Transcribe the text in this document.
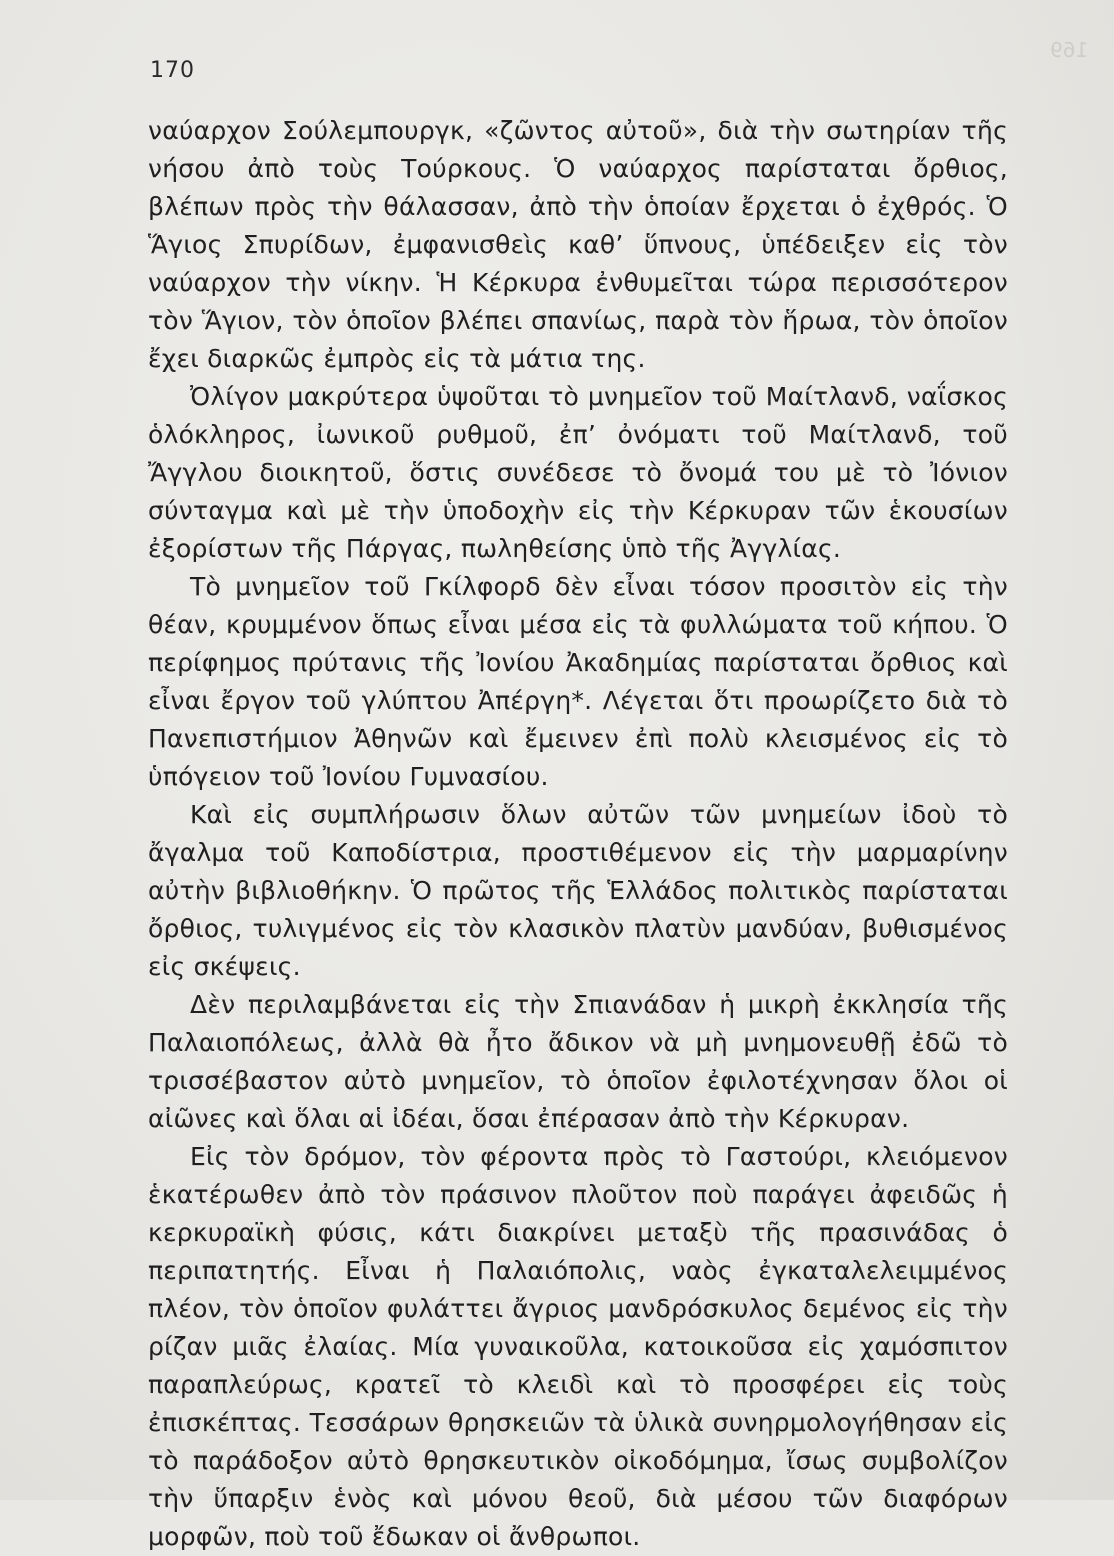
169
170

ναύαρχον Σούλεμπουργκ, «ζῶντος αὐτοῦ», διὰ τὴν σωτηρίαν τῆς νήσου ἀπὸ τοὺς Τούρκους. Ὁ ναύαρχος παρίσταται ὄρθιος, βλέπων πρὸς τὴν θάλασσαν, ἀπὸ τὴν ὁποίαν ἔρχεται ὁ ἐχθρός. Ὁ Ἅγιος Σπυρίδων, ἐμφανισθεὶς καθ’ ὕπνους, ὑπέδειξεν εἰς τὸν ναύαρχον τὴν νίκην. Ἡ Κέρκυρα ἐνθυμεῖται τώρα περισσότερον τὸν Ἅγιον, τὸν ὁποῖον βλέπει σπανίως, παρὰ τὸν ἥρωα, τὸν ὁποῖον ἔχει διαρκῶς ἐμπρὸς εἰς τὰ μάτια της.

Ὀλίγον μακρύτερα ὑψοῦται τὸ μνημεῖον τοῦ Μαίτλανδ, ναΐσκος ὁλόκληρος, ἰωνικοῦ ρυθμοῦ, ἐπ’ ὀνόματι τοῦ Μαίτλανδ, τοῦ Ἄγγλου διοικητοῦ, ὅστις συνέδεσε τὸ ὄνομά του μὲ τὸ Ἰόνιον σύνταγμα καὶ μὲ τὴν ὑποδοχὴν εἰς τὴν Κέρκυραν τῶν ἑκουσίων ἐξορίστων τῆς Πάργας, πωληθείσης ὑπὸ τῆς Ἀγγλίας.

Τὸ μνημεῖον τοῦ Γκίλφορδ δὲν εἶναι τόσον προσιτὸν εἰς τὴν θέαν, κρυμμένον ὅπως εἶναι μέσα εἰς τὰ φυλλώματα τοῦ κήπου. Ὁ περίφημος πρύτανις τῆς Ἰονίου Ἀκαδημίας παρίσταται ὄρθιος καὶ εἶναι ἔργον τοῦ γλύπτου Ἀπέργη*. Λέγεται ὅτι προωρίζετο διὰ τὸ Πανεπιστήμιον Ἀθηνῶν καὶ ἔμεινεν ἐπὶ πολὺ κλεισμένος εἰς τὸ ὑπόγειον τοῦ Ἰονίου Γυμνασίου.

Καὶ εἰς συμπλήρωσιν ὅλων αὐτῶν τῶν μνημείων ἰδοὺ τὸ ἄγαλμα τοῦ Καποδίστρια, προστιθέμενον εἰς τὴν μαρμαρίνην αὐτὴν βιβλιοθήκην. Ὁ πρῶτος τῆς Ἑλλάδος πολιτικὸς παρίσταται ὄρθιος, τυλιγμένος εἰς τὸν κλασικὸν πλατὺν μανδύαν, βυθισμένος εἰς σκέψεις.

Δὲν περιλαμβάνεται εἰς τὴν Σπιανάδαν ἡ μικρὴ ἐκκλησία τῆς Παλαιοπόλεως, ἀλλὰ θὰ ἦτο ἄδικον νὰ μὴ μνημονευθῇ ἐδῶ τὸ τρισσέβαστον αὐτὸ μνημεῖον, τὸ ὁποῖον ἐφιλοτέχνησαν ὅλοι οἱ αἰῶνες καὶ ὅλαι αἱ ἰδέαι, ὅσαι ἐπέρασαν ἀπὸ τὴν Κέρκυραν.

Εἰς τὸν δρόμον, τὸν φέροντα πρὸς τὸ Γαστούρι, κλειόμενον ἑκατέρωθεν ἀπὸ τὸν πράσινον πλοῦτον ποὺ παράγει ἀφειδῶς ἡ κερκυραϊκὴ φύσις, κάτι διακρίνει μεταξὺ τῆς πρασινάδας ὁ περιπατητής. Εἶναι ἡ Παλαιόπολις, ναὸς ἐγκαταλελειμμένος πλέον, τὸν ὁποῖον φυλάττει ἄγριος μανδρόσκυλος δεμένος εἰς τὴν ρίζαν μιᾶς ἐλαίας. Μία γυναικοῦλα, κατοικοῦσα εἰς χαμόσπιτον παραπλεύρως, κρατεῖ τὸ κλειδὶ καὶ τὸ προσφέρει εἰς τοὺς ἐπισκέπτας. Τεσσάρων θρησκειῶν τὰ ὑλικὰ συνηρμολογήθησαν εἰς τὸ παράδοξον αὐτὸ θρησκευτικὸν οἰκοδόμημα, ἴσως συμβολίζον τὴν ὕπαρξιν ἑνὸς καὶ μόνου θεοῦ, διὰ μέσου τῶν διαφόρων μορφῶν, ποὺ τοῦ ἔδωκαν οἱ ἄνθρωποι.
